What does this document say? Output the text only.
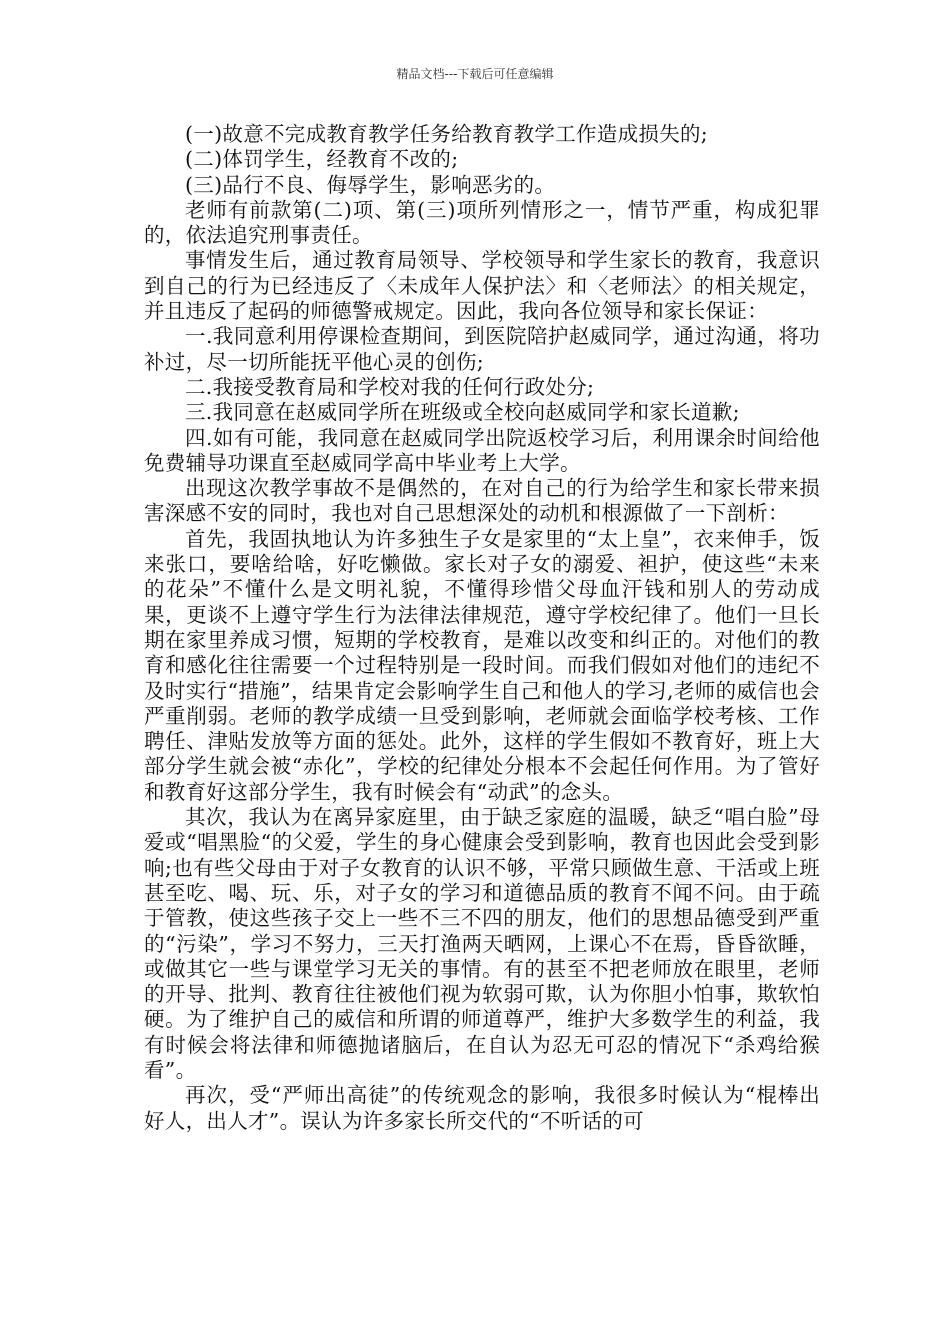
精品文档---下载后可任意编辑

(一)故意不完成教育教学任务给教育教学工作造成损失的;

(二)体罚学生，经教育不改的;

(三)品行不良、侮辱学生，影响恶劣的。

老师有前款第(二)项、第(三)项所列情形之一，情节严重，构成犯罪的，依法追究刑事责任。

事情发生后，通过教育局领导、学校领导和学生家长的教育，我意识到自己的行为已经违反了〈未成年人保护法〉和〈老师法〉的相关规定，并且违反了起码的师德警戒规定。因此，我向各位领导和家长保证：

一.我同意利用停课检查期间，到医院陪护赵威同学，通过沟通，将功补过，尽一切所能抚平他心灵的创伤;

二.我接受教育局和学校对我的任何行政处分;

三.我同意在赵威同学所在班级或全校向赵威同学和家长道歉;

四.如有可能，我同意在赵威同学出院返校学习后，利用课余时间给他免费辅导功课直至赵威同学高中毕业考上大学。

出现这次教学事故不是偶然的，在对自己的行为给学生和家长带来损害深感不安的同时，我也对自己思想深处的动机和根源做了一下剖析：

首先，我固执地认为许多独生子女是家里的“太上皇”，衣来伸手，饭来张口，要啥给啥，好吃懒做。家长对子女的溺爱、袒护，使这些“未来的花朵”不懂什么是文明礼貌，不懂得珍惜父母血汗钱和别人的劳动成果，更谈不上遵守学生行为法律法律规范，遵守学校纪律了。他们一旦长期在家里养成习惯，短期的学校教育，是难以改变和纠正的。对他们的教育和感化往往需要一个过程特别是一段时间。而我们假如对他们的违纪不及时实行“措施”，结果肯定会影响学生自己和他人的学习,老师的威信也会严重削弱。老师的教学成绩一旦受到影响，老师就会面临学校考核、工作聘任、津贴发放等方面的惩处。此外，这样的学生假如不教育好，班上大部分学生就会被“赤化”，学校的纪律处分根本不会起任何作用。为了管好和教育好这部分学生，我有时候会有“动武”的念头。

其次，我认为在离异家庭里，由于缺乏家庭的温暖，缺乏“唱白脸”母爱或“唱黑脸“的父爱，学生的身心健康会受到影响，教育也因此会受到影响;也有些父母由于对子女教育的认识不够，平常只顾做生意、干活或上班甚至吃、喝、玩、乐，对子女的学习和道德品质的教育不闻不问。由于疏于管教，使这些孩子交上一些不三不四的朋友，他们的思想品德受到严重的“污染”，学习不努力，三天打渔两天晒网，上课心不在焉，昏昏欲睡，或做其它一些与课堂学习无关的事情。有的甚至不把老师放在眼里，老师的开导、批判、教育往往被他们视为软弱可欺，认为你胆小怕事，欺软怕硬。为了维护自己的威信和所谓的师道尊严，维护大多数学生的利益，我有时候会将法律和师德抛诸脑后，在自认为忍无可忍的情况下“杀鸡给猴看”。

再次，受“严师出高徒”的传统观念的影响，我很多时候认为“棍棒出好人，出人才”。误认为许多家长所交代的“不听话的可
